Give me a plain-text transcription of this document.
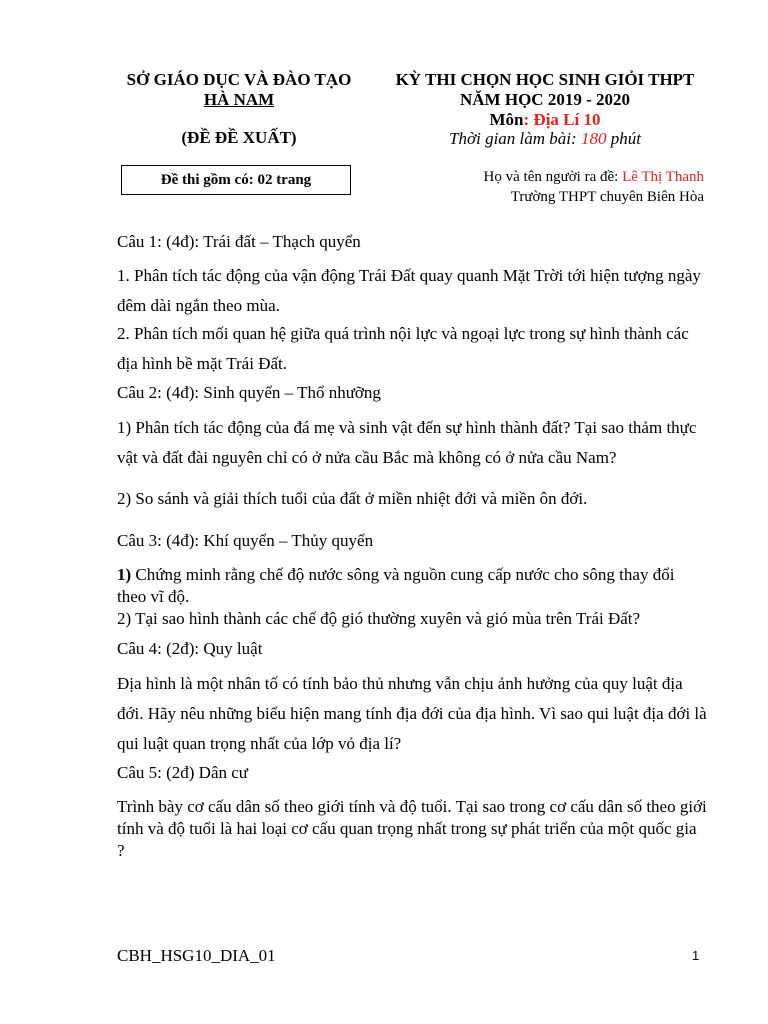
SỞ GIÁO DỤC VÀ ĐÀO TẠO
HÀ NAM
(ĐỀ ĐỀ XUẤT)
KỲ THI CHỌN HỌC SINH GIỎI THPT
NĂM HỌC 2019 - 2020
Môn: Địa Lí 10
Thời gian làm bài: 180 phút
Đề thi gồm có: 02 trang	Họ và tên người ra đề: Lê Thị Thanh
Trường THPT chuyên Biên Hòa
Câu 1: (4đ): Trái đất – Thạch quyển
1. Phân tích tác động của vận động Trái Đất quay quanh Mặt Trời tới hiện tượng ngày đêm dài ngắn theo mùa.
2. Phân tích mối quan hệ giữa quá trình nội lực và ngoại lực trong sự hình thành các địa hình bề mặt Trái Đất.
Câu 2: (4đ): Sinh quyển – Thổ nhưỡng
1) Phân tích tác động của đá mẹ và sinh vật đến sự hình thành đất? Tại sao thảm thực vật và đất đài nguyên chỉ có ở nửa cầu Bắc mà không có ở nửa cầu Nam?
2) So sánh và giải thích tuổi của đất ở miền nhiệt đới và miền ôn đới.
Câu 3: (4đ): Khí quyển – Thủy quyển
1) Chứng minh rằng chế độ nước sông và nguồn cung cấp nước cho sông thay đổi theo vĩ độ.
2) Tại sao hình thành các chế độ gió thường xuyên và gió mùa trên Trái Đất?
Câu 4: (2đ): Quy luật
Địa hình là một nhân tố có tính bảo thủ nhưng vẫn chịu ảnh hưởng của quy luật địa đới. Hãy nêu những biểu hiện mang tính địa đới của địa hình. Vì sao qui luật địa đới là qui luật quan trọng nhất của lớp vỏ địa lí?
Câu 5: (2đ) Dân cư
Trình bày cơ cấu dân số theo giới tính và độ tuổi. Tại sao trong cơ cấu dân số theo giới tính và độ tuổi là hai loại cơ cấu quan trọng nhất trong sự phát triển của một quốc gia ?
CBH_HSG10_DIA_01	1
